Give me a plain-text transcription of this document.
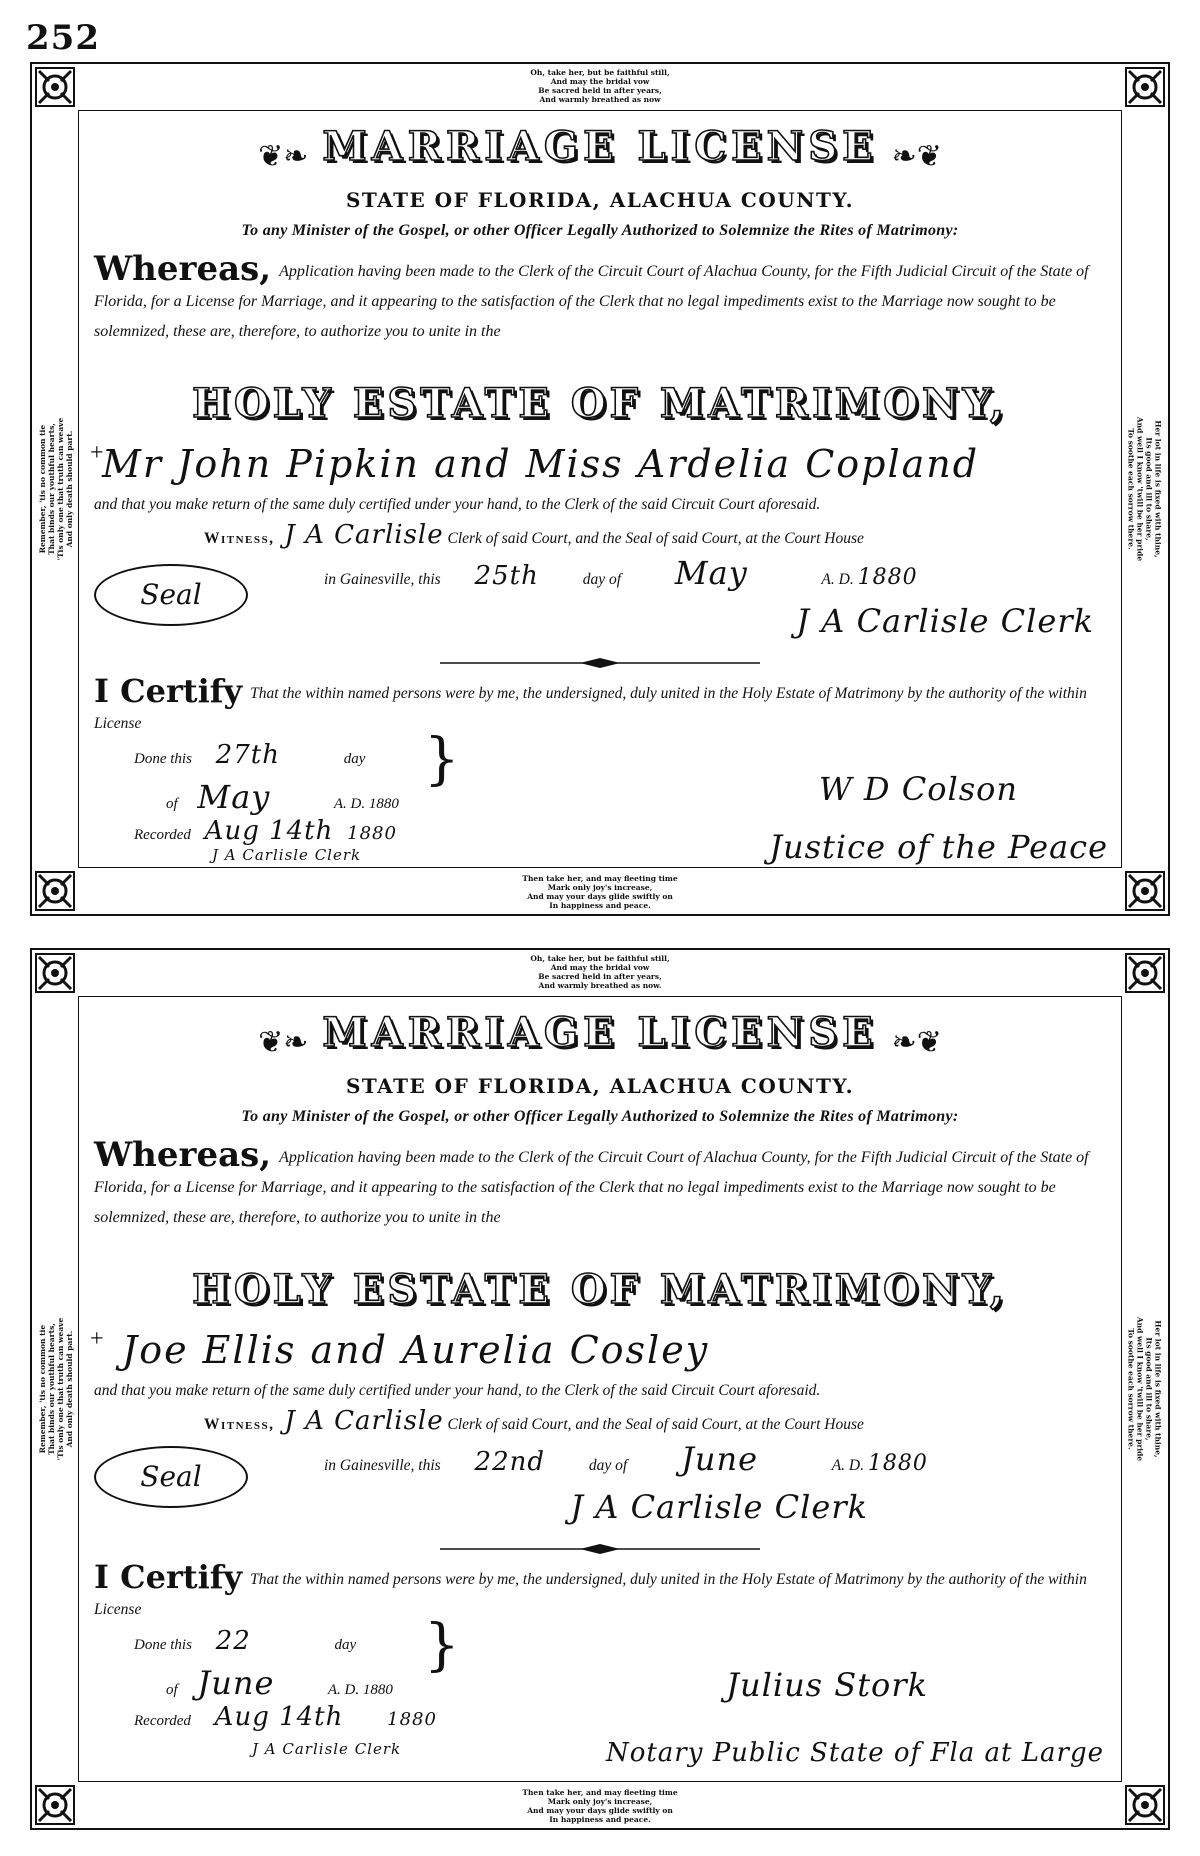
252
Oh, take her, but be faithful still,
And may the bridal vow
Be sacred held in after years,
And warmly breathed as now
Remember, 'tis no common tie That binds our youthful hearts, 'Tis only one that truth can weave And only death should part.	Her lot in life is fixed with thine,
Its good and ill to share,
And well I know 'twill be her pride
To soothe each sorrow there.
❦❧ MARRIAGE LICENSE ❧❦
STATE OF FLORIDA, ALACHUA COUNTY.
To any Minister of the Gospel, or other Officer Legally Authorized to Solemnize the Rites of Matrimony:
Whereas, Application having been made to the Clerk of the Circuit Court of Alachua County, for the Fifth Judicial Circuit of the State of Florida, for a License for Marriage, and it appearing to the satisfaction of the Clerk that no legal impediments exist to the Marriage now sought to be solemnized, these are, therefore, to authorize you to unite in the
HOLY ESTATE OF MATRIMONY,
+
Mr John Pipkin and Miss Ardelia Copland
and that you make return of the same duly certified under your hand, to the Clerk of the said Circuit Court aforesaid.
Witness, J A Carlisle Clerk of said Court, and the Seal of said Court, at the Court House
in Gainesville, this 25th	day of May	A. D. 1880
Seal
J A Carlisle Clerk
I Certify That the within named persons were by me, the undersigned, duly united in the Holy Estate of Matrimony by the authority of the within License
Done this 27th	day
of May	A. D. 1880
}
Recorded Aug 14th 1880
J A Carlisle Clerk
W D Colson
Justice of the Peace
Then take her, and may fleeting time
Mark only joy's increase,
And may your days glide swiftly on
In happiness and peace.
Oh, take her, but be faithful still,
And may the bridal vow
Be sacred held in after years,
And warmly breathed as now.
Remember, 'tis no common tie That binds our youthful hearts, 'Tis only one that truth can weave And only death should part.	Her lot in life is fixed with thine,
Its good and ill to share,
And well I know 'twill be her pride
To soothe each sorrow there.
❦❧ MARRIAGE LICENSE ❧❦
STATE OF FLORIDA, ALACHUA COUNTY.
To any Minister of the Gospel, or other Officer Legally Authorized to Solemnize the Rites of Matrimony:
Whereas, Application having been made to the Clerk of the Circuit Court of Alachua County, for the Fifth Judicial Circuit of the State of Florida, for a License for Marriage, and it appearing to the satisfaction of the Clerk that no legal impediments exist to the Marriage now sought to be solemnized, these are, therefore, to authorize you to unite in the
HOLY ESTATE OF MATRIMONY,
+ Joe Ellis and Aurelia Cosley
and that you make return of the same duly certified under your hand, to the Clerk of the said Circuit Court aforesaid.
Witness, J A Carlisle Clerk of said Court, and the Seal of said Court, at the Court House
in Gainesville, this 22nd	day of June	A. D. 1880
Seal
J A Carlisle Clerk
I Certify That the within named persons were by me, the undersigned, duly united in the Holy Estate of Matrimony by the authority of the within License
Done this 22	day
of June	A. D. 1880
}
Recorded Aug 14th 1880
J A Carlisle Clerk
Julius Stork
Notary Public State of Fla at Large
Then take her, and may fleeting time
Mark only joy's increase,
And may your days glide swiftly on
In happiness and peace.
